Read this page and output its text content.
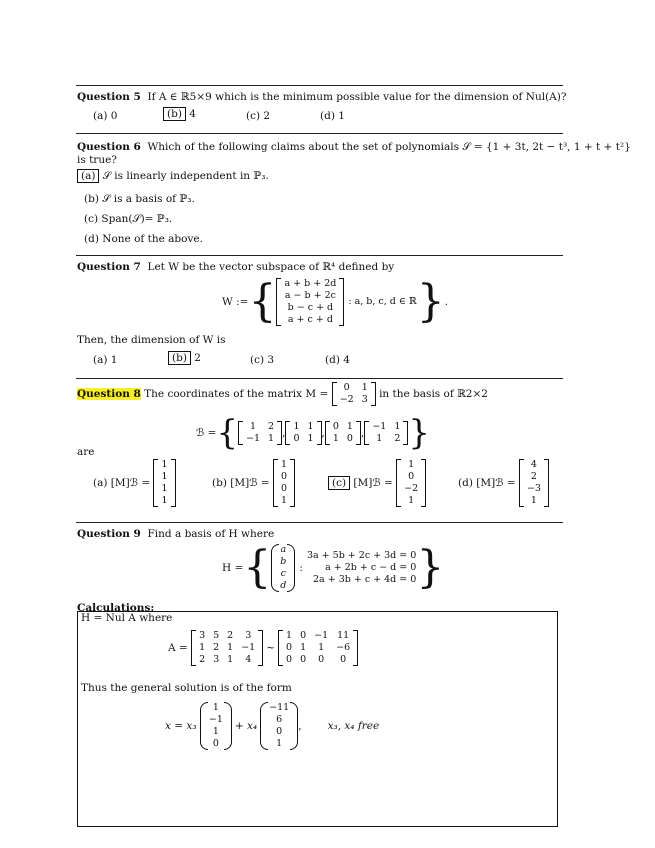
Question 5 If A ∈ ℝ5×9 which is the minimum possible value for the dimension of Nul(A)?
(a) 0	(b) 4	(c) 2	(d) 1
Question 6 Which of the following claims about the set of polynomials 𝒮 = {1 + 3t, 2t − t³, 1 + t + t²}
is true?
(a) 𝒮 is linearly independent in ℙ₃.
(b) 𝒮 is a basis of ℙ₃.
(c) Span(𝒮)= ℙ₃.
(d) None of the above.
Question 7 Let W be the vector subspace of ℝ⁴ defined by
W := { a + b + 2d
a − b + 2c
b − c + d
a + c + d
: a, b, c, d ∈ ℝ } .
Then, the dimension of W is
(a) 1	(b) 2	(c) 3	(d) 4
Question 8
The coordinates of the matrix M =

0	1
−2	3
in the basis of ℝ2×2
ℬ = { 1	2
−1	1 ,
1	1
0	1 ,
0	1
1	0 ,
−1	1
1	2 }
are
(a) [M]ℬ =

1
1
1
1
(b) [M]ℬ =

1
0
0
1
(c)
[M]ℬ =

1
0
−2
1
(d) [M]ℬ =

4
2
−3
1
Question 9 Find a basis of H where
H = { a
b
c
d
:
3a + 5b + 2c + 3d = 0
a + 2b + c − d = 0
2a + 3b + c + 4d = 0 }
Calculations:
H = Nul A where
A =

3	5	2	3
1	2	1	−1
2	3	1	4
∼
1	0	−1	11
0	1	1	−6
0	0	0	0
Thus the general solution is of the form
x = x₃

1
−1
1
0
+ x₄
−11
6
0
1
, x₃, x₄ free
